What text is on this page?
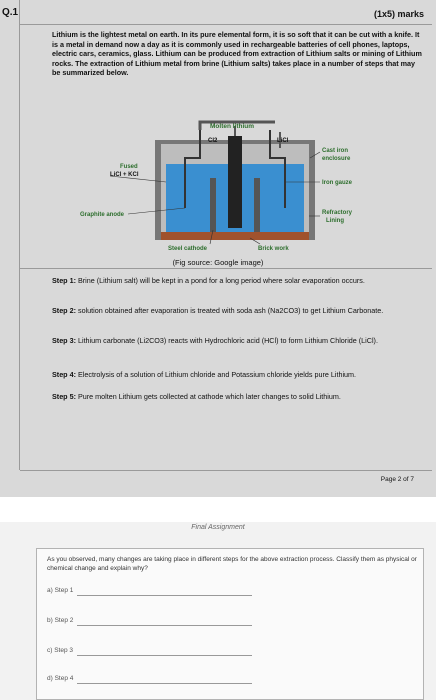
Q.1	(1x5) marks

Lithium is the lightest metal on earth. In its pure elemental form, it is so soft that it can be cut with a knife. It is a metal in demand now a day as it is commonly used in rechargeable batteries of cell phones, laptops, electric cars, ceramics, glass. Lithium can be produced from extraction of Lithium salts or mining of Lithium rocks. The extraction of Lithium metal from brine (Lithium salts) takes place in a number of steps that may be summarized below.

Molten lithium
Cl2	LiCl
Fused
LiCl + KCl
Cast iron
enclosure
Iron gauze
Graphite anode	Refractory
Lining
Steel cathode	Brick work
(Fig source: Google image)

Step 1: Brine (Lithium salt) will be kept in a pond for a long period where solar evaporation occurs.

Step 2: solution obtained after evaporation is treated with soda ash (Na2CO3) to get Lithium Carbonate.

Step 3: Lithium carbonate (Li2CO3) reacts with Hydrochloric acid (HCl) to form Lithium Chloride (LiCl).

Step 4: Electrolysis of a solution of Lithium chloride and Potassium chloride yields pure Lithium.

Step 5: Pure molten Lithium gets collected at cathode which later changes to solid Lithium.

Page 2 of 7
Final Assignment

As you observed, many changes are taking place in different steps for the above extraction process. Classify them as physical or chemical change and explain why?

a) Step 1
b) Step 2
c) Step 3
d) Step 4
